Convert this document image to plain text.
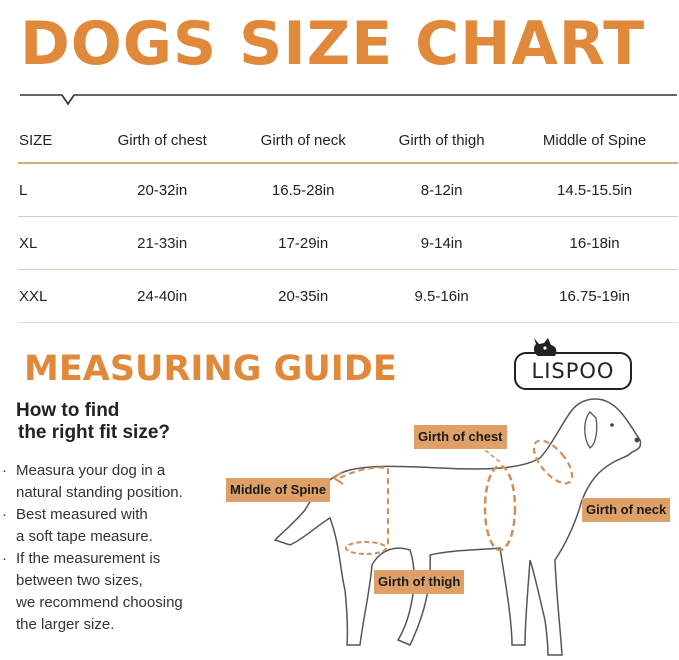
DOGS SIZE CHART
SIZE	Girth of chest	Girth of neck	Girth of thigh	Middle of Spine
L	20-32in	16.5-28in	8-12in	14.5-15.5in
XL	21-33in	17-29in	9-14in	16-18in
XXL	24-40in	20-35in	9.5-16in	16.75-19in
MEASURING GUIDE	LISPOO
How to find
the right fit size?
· Measura your dog in a
natural standing position.
· Best measured with
a soft tape measure.
· If the measurement is
between two sizes,
we recommend choosing
the larger size.
Girth of chest
Middle of Spine
Girth of neck
Girth of thigh
